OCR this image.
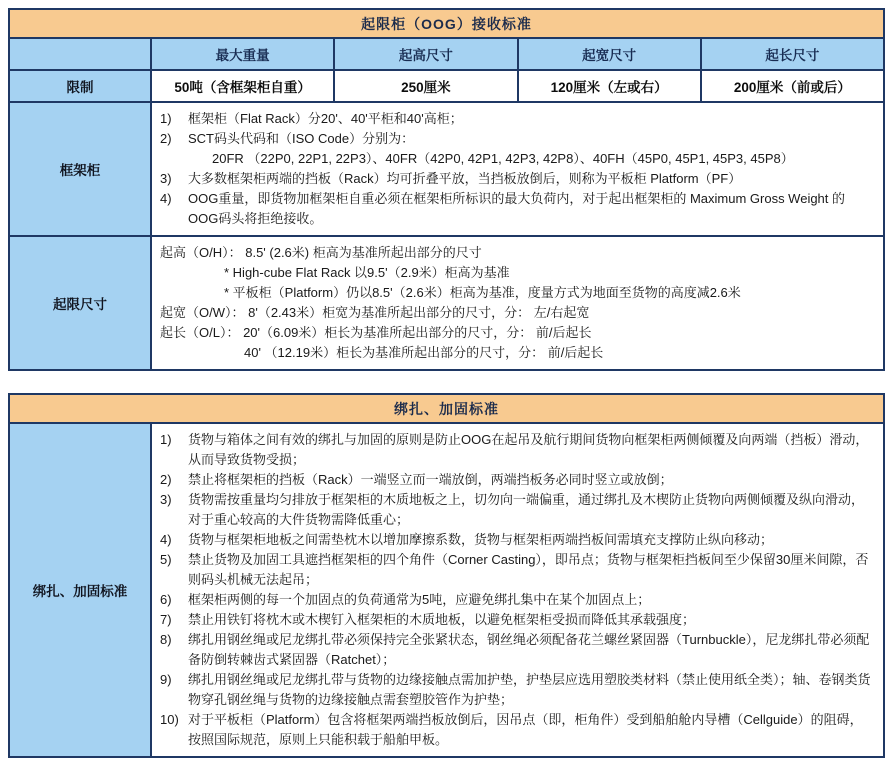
起限柜（OOG）接收标准
最大重量	起高尺寸	起宽尺寸	起长尺寸
限制	50吨（含框架柜自重）	250厘米	120厘米（左或右）	200厘米（前或后）
框架柜
1)	框架柜（Flat Rack）分20'、40'平柜和40'高柜；
2)	SCT码头代码和（ISO Code）分别为：
20FR （22P0, 22P1, 22P3）、40FR（42P0, 42P1, 42P3, 42P8）、40FH（45P0, 45P1, 45P3, 45P8）
3)	大多数框架柜两端的挡板（Rack）均可折叠平放，当挡板放倒后，则称为平板柜 Platform（PF）
4)	OOG重量，即货物加框架柜自重必须在框架柜所标识的最大负荷内，对于起出框架柜的 Maximum Gross Weight 的OOG码头将拒绝接收。
起限尺寸
起高（O/H）： 8.5' (2.6米) 柜高为基准所起出部分的尺寸
* High-cube Flat Rack 以9.5'（2.9米）柜高为基准
* 平板柜（Platform）仍以8.5'（2.6米）柜高为基准，度量方式为地面至货物的高度减2.6米
起宽（O/W）： 8'（2.43米）柜宽为基准所起出部分的尺寸，分： 左/右起宽
起长（O/L）： 20'（6.09米）柜长为基准所起出部分的尺寸，分： 前/后起长
40' （12.19米）柜长为基准所起出部分的尺寸，分： 前/后起长
绑扎、加固标准
绑扎、加固标准
1)	货物与箱体之间有效的绑扎与加固的原则是防止OOG在起吊及航行期间货物向框架柜两侧倾覆及向两端（挡板）滑动，从而导致货物受损；
2)	禁止将框架柜的挡板（Rack）一端竖立而一端放倒，两端挡板务必同时竖立或放倒；
3)	货物需按重量均匀排放于框架柜的木质地板之上，切勿向一端偏重，通过绑扎及木楔防止货物向两侧倾覆及纵向滑动，对于重心较高的大件货物需降低重心；
4)	货物与框架柜地板之间需垫枕木以增加摩擦系数，货物与框架柜两端挡板间需填充支撑防止纵向移动；
5)	禁止货物及加固工具遮挡框架柜的四个角件（Corner Casting），即吊点；货物与框架柜挡板间至少保留30厘米间隙，否则码头机械无法起吊；
6)	框架柜两侧的每一个加固点的负荷通常为5吨，应避免绑扎集中在某个加固点上；
7)	禁止用铁钉将枕木或木楔钉入框架柜的木质地板，以避免框架柜受损而降低其承载强度；
8)	绑扎用钢丝绳或尼龙绑扎带必须保持完全张紧状态，钢丝绳必须配备花兰螺丝紧固器（Turnbuckle），尼龙绑扎带必须配备防倒转棘齿式紧固器（Ratchet）；
9)	绑扎用钢丝绳或尼龙绑扎带与货物的边缘接触点需加护垫，护垫层应选用塑胶类材料（禁止使用纸全类）；轴、卷钢类货物穿孔钢丝绳与货物的边缘接触点需套塑胶管作为护垫；
10) 对于平板柜（Platform）包含将框架两端挡板放倒后，因吊点（即，柜角件）受到船舶舱内导槽（Cellguide）的阻碍，按照国际规范，原则上只能积载于船舶甲板。
